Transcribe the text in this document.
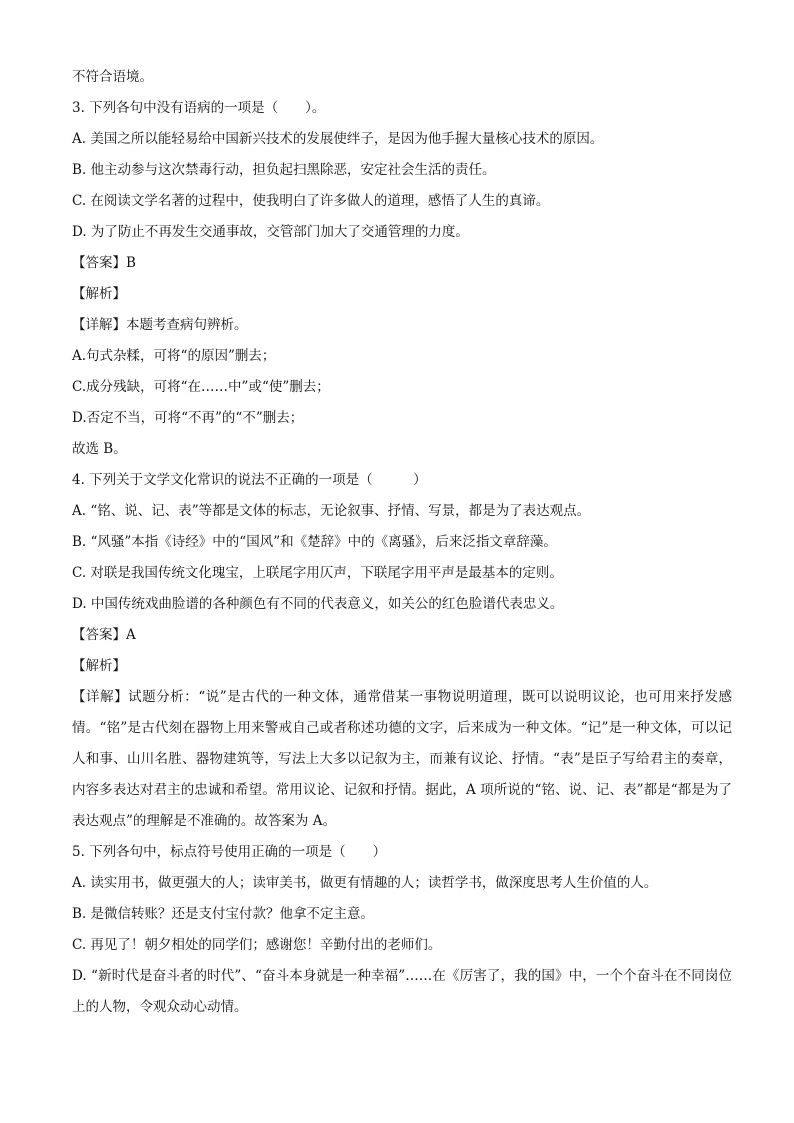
不符合语境。
3. 下列各句中没有语病的一项是（　　）。
A. 美国之所以能轻易给中国新兴技术的发展使绊子，是因为他手握大量核心技术的原因。
B. 他主动参与这次禁毒行动，担负起扫黑除恶，安定社会生活的责任。
C. 在阅读文学名著的过程中，使我明白了许多做人的道理，感悟了人生的真谛。
D. 为了防止不再发生交通事故，交管部门加大了交通管理的力度。
【答案】B
【解析】
【详解】本题考查病句辨析。
A.句式杂糅，可将“的原因”删去；
C.成分残缺，可将“在……中”或“使”删去；
D.否定不当，可将“不再”的“不”删去；
故选 B。
4. 下列关于文学文化常识的说法不正确的一项是（　　　）
A. “铭、说、记、表”等都是文体的标志，无论叙事、抒情、写景，都是为了表达观点。
B. “风骚”本指《诗经》中的“国风”和《楚辞》中的《离骚》，后来泛指文章辞藻。
C. 对联是我国传统文化瑰宝，上联尾字用仄声，下联尾字用平声是最基本的定则。
D. 中国传统戏曲脸谱的各种颜色有不同的代表意义，如关公的红色脸谱代表忠义。
【答案】A
【解析】
【详解】试题分析：“说”是古代的一种文体，通常借某一事物说明道理，既可以说明议论，也可用来抒发感情。“铭”是古代刻在器物上用来警戒自己或者称述功德的文字，后来成为一种文体。“记”是一种文体，可以记人和事、山川名胜、器物建筑等，写法上大多以记叙为主，而兼有议论、抒情。“表”是臣子写给君主的奏章，内容多表达对君主的忠诚和希望。常用议论、记叙和抒情。据此，A 项所说的“铭、说、记、表”都是“都是为了表达观点”的理解是不准确的。故答案为 A。
5. 下列各句中，标点符号使用正确的一项是（　　）
A. 读实用书，做更强大的人；读审美书，做更有情趣的人；读哲学书，做深度思考人生价值的人。
B. 是微信转账？还是支付宝付款？他拿不定主意。
C. 再见了！朝夕相处的同学们；感谢您！辛勤付出的老师们。
D. “新时代是奋斗者的时代”、“奋斗本身就是一种幸福”……在《厉害了，我的国》中，一个个奋斗在不同岗位上的人物，令观众动心动情。
